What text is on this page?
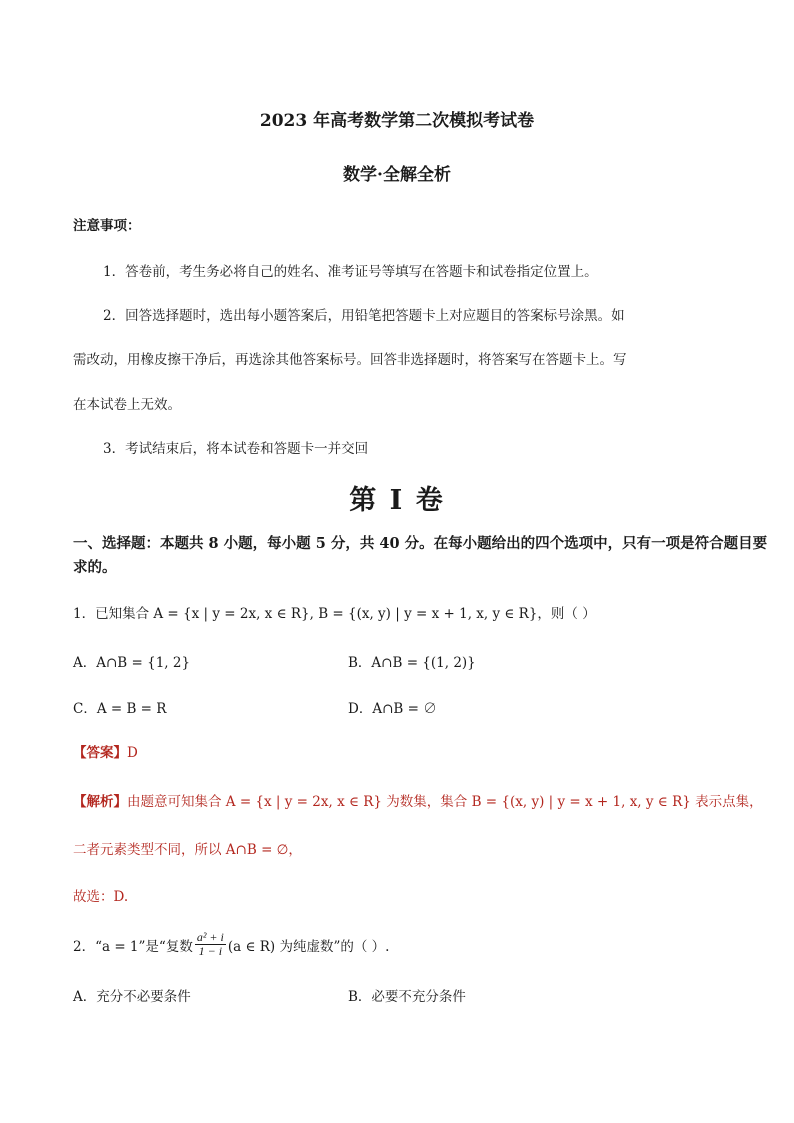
2023 年高考数学第二次模拟考试卷
数学·全解全析
注意事项：
1．答卷前，考生务必将自己的姓名、准考证号等填写在答题卡和试卷指定位置上。
2．回答选择题时，选出每小题答案后，用铅笔把答题卡上对应题目的答案标号涂黑。如
需改动，用橡皮擦干净后，再选涂其他答案标号。回答非选择题时，将答案写在答题卡上。写
在本试卷上无效。
3．考试结束后，将本试卷和答题卡一并交回
第 I 卷
一、选择题：本题共 8 小题，每小题 5 分，共 40 分。在每小题给出的四个选项中，只有一项是符合题目要
求的。
1．已知集合 A = {x | y = 2x, x ∈ R}, B = {(x, y) | y = x + 1, x, y ∈ R}，则（ ）
A．A∩B = {1, 2}	B．A∩B = {(1, 2)}
C．A = B = R	D．A∩B = ∅
【答案】D
【解析】由题意可知集合 A = {x | y = 2x, x ∈ R} 为数集，集合 B = {(x, y) | y = x + 1, x, y ∈ R} 表示点集，
二者元素类型不同，所以 A∩B = ∅，
故选：D.
2．“a = 1”是“复数 $\frac{\text{a² + i}}{1 - i} (a$ ∈ R) 为纯虚数”的（ ）.
A．充分不必要条件	B．必要不充分条件
